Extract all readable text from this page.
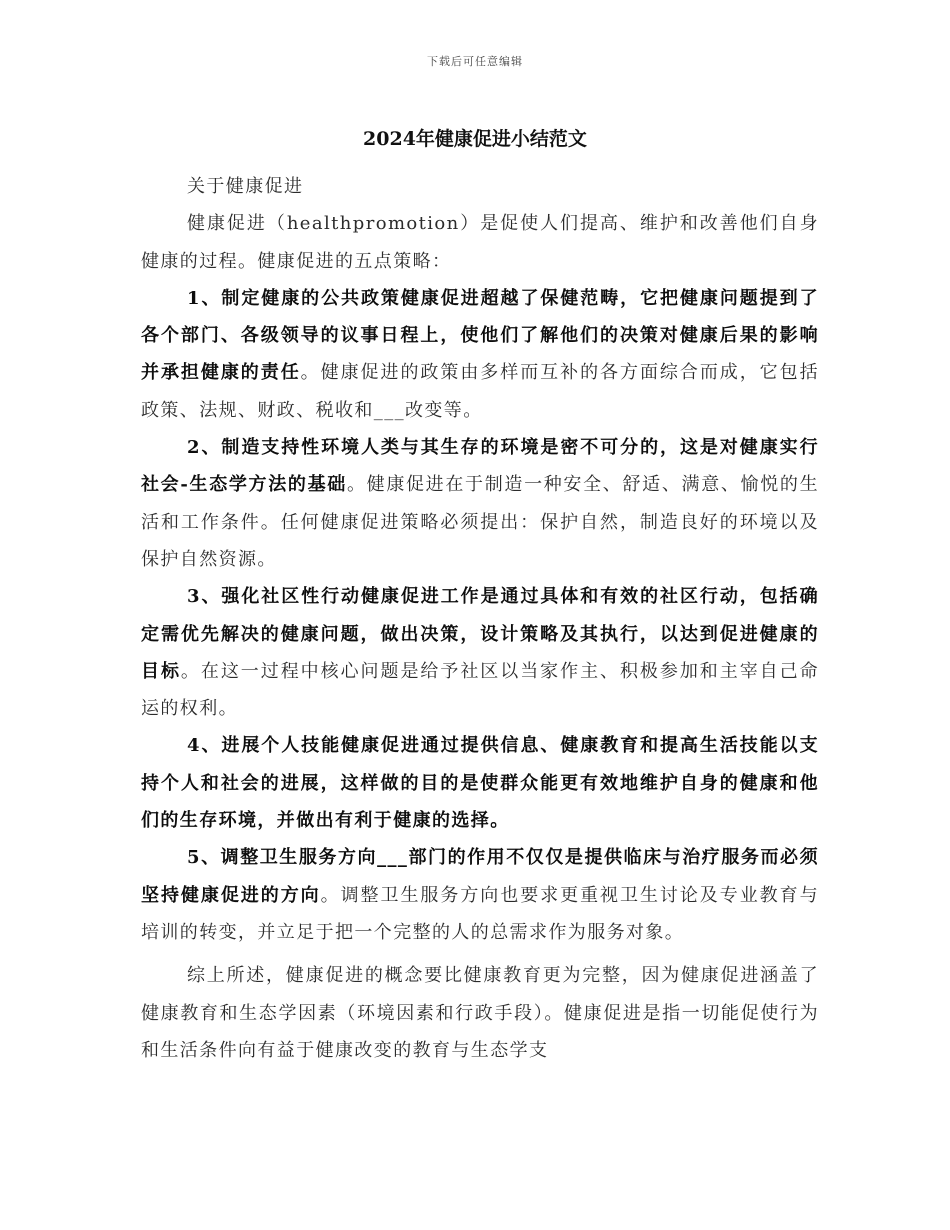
下载后可任意编辑
2024年健康促进小结范文

关于健康促进

健康促进（healthpromotion）是促使人们提高、维护和改善他们自身健康的过程。健康促进的五点策略：

1、制定健康的公共政策健康促进超越了保健范畴，它把健康问题提到了各个部门、各级领导的议事日程上，使他们了解他们的决策对健康后果的影响并承担健康的责任。健康促进的政策由多样而互补的各方面综合而成，它包括政策、法规、财政、税收和___改变等。

2、制造支持性环境人类与其生存的环境是密不可分的，这是对健康实行社会-生态学方法的基础。健康促进在于制造一种安全、舒适、满意、愉悦的生活和工作条件。任何健康促进策略必须提出：保护自然，制造良好的环境以及保护自然资源。

3、强化社区性行动健康促进工作是通过具体和有效的社区行动，包括确定需优先解决的健康问题，做出决策，设计策略及其执行，以达到促进健康的目标。在这一过程中核心问题是给予社区以当家作主、积极参加和主宰自己命运的权利。

4、进展个人技能健康促进通过提供信息、健康教育和提高生活技能以支持个人和社会的进展，这样做的目的是使群众能更有效地维护自身的健康和他们的生存环境，并做出有利于健康的选择。

5、调整卫生服务方向___部门的作用不仅仅是提供临床与治疗服务而必须坚持健康促进的方向。调整卫生服务方向也要求更重视卫生讨论及专业教育与培训的转变，并立足于把一个完整的人的总需求作为服务对象。

综上所述，健康促进的概念要比健康教育更为完整，因为健康促进涵盖了健康教育和生态学因素（环境因素和行政手段）。健康促进是指一切能促使行为和生活条件向有益于健康改变的教育与生态学支
